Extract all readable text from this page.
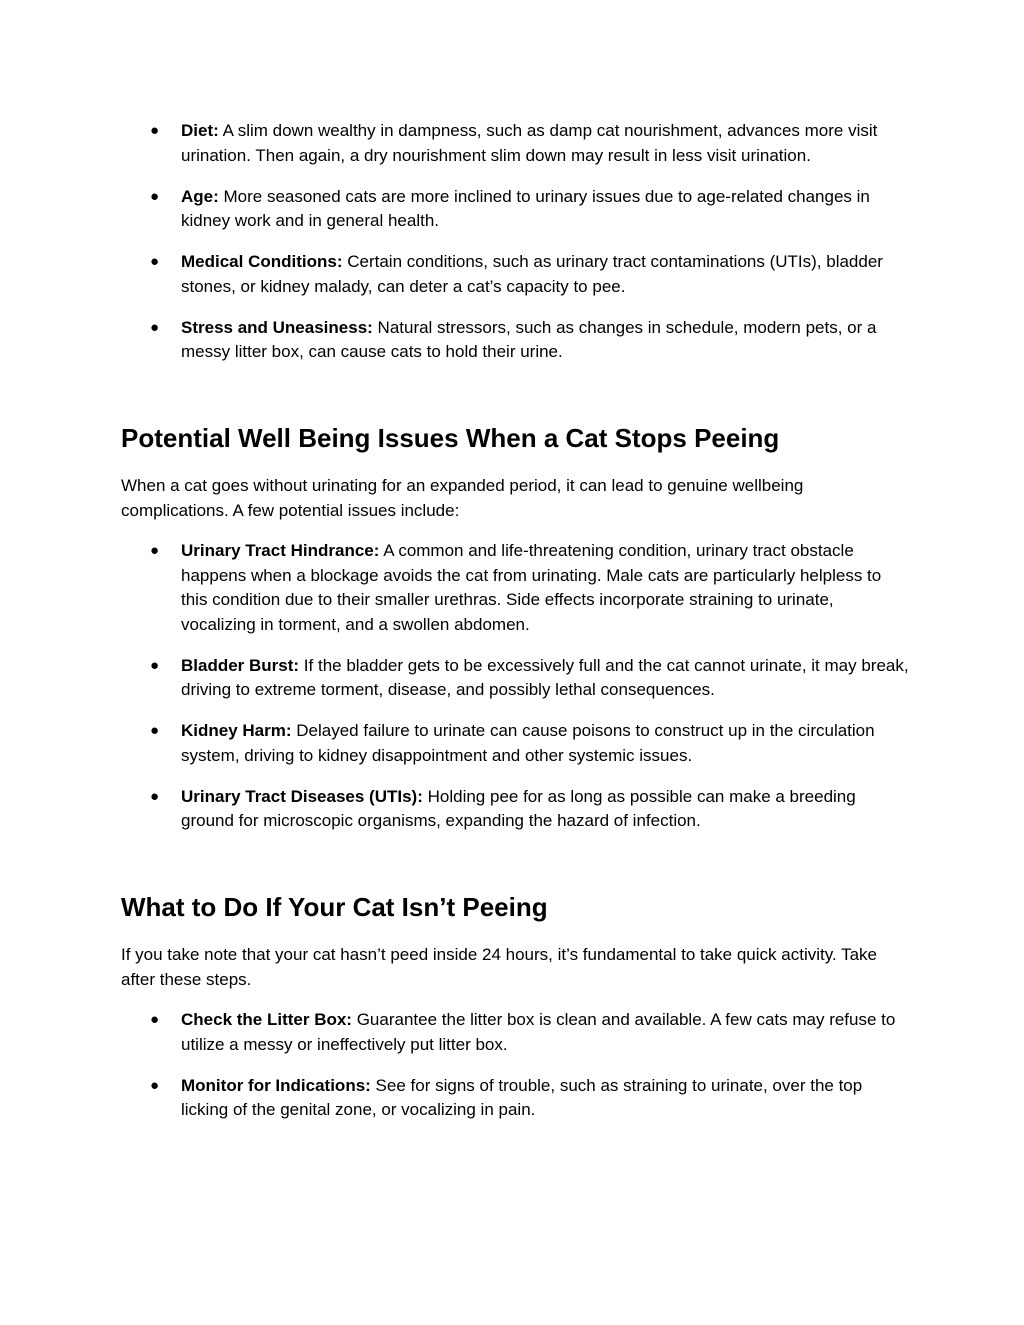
●	Diet: A slim down wealthy in dampness, such as damp cat nourishment, advances more visit urination. Then again, a dry nourishment slim down may result in less visit urination.
●	Age: More seasoned cats are more inclined to urinary issues due to age-related changes in kidney work and in general health.
●	Medical Conditions: Certain conditions, such as urinary tract contaminations (UTIs), bladder stones, or kidney malady, can deter a cat’s capacity to pee.
●	Stress and Uneasiness: Natural stressors, such as changes in schedule, modern pets, or a messy litter box, can cause cats to hold their urine.
Potential Well Being Issues When a Cat Stops Peeing

When a cat goes without urinating for an expanded period, it can lead to genuine wellbeing complications. A few potential issues include:

●	Urinary Tract Hindrance: A common and life-threatening condition, urinary tract obstacle happens when a blockage avoids the cat from urinating. Male cats are particularly helpless to this condition due to their smaller urethras. Side effects incorporate straining to urinate, vocalizing in torment, and a swollen abdomen.
●	Bladder Burst: If the bladder gets to be excessively full and the cat cannot urinate, it may break, driving to extreme torment, disease, and possibly lethal consequences.
●	Kidney Harm: Delayed failure to urinate can cause poisons to construct up in the circulation system, driving to kidney disappointment and other systemic issues.
●	Urinary Tract Diseases (UTIs): Holding pee for as long as possible can make a breeding ground for microscopic organisms, expanding the hazard of infection.
What to Do If Your Cat Isn’t Peeing

If you take note that your cat hasn’t peed inside 24 hours, it’s fundamental to take quick activity. Take after these steps.

●	Check the Litter Box: Guarantee the litter box is clean and available. A few cats may refuse to utilize a messy or ineffectively put litter box.
●	Monitor for Indications: See for signs of trouble, such as straining to urinate, over the top licking of the genital zone, or vocalizing in pain.
